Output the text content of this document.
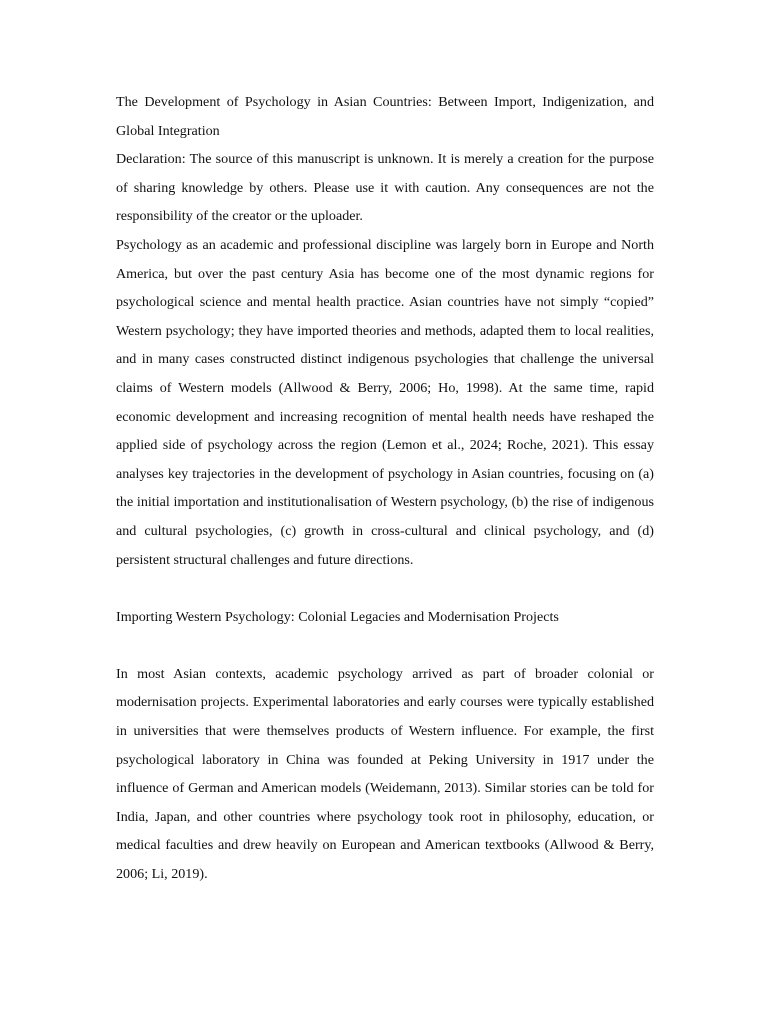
The Development of Psychology in Asian Countries: Between Import, Indigenization, and Global Integration

Declaration: The source of this manuscript is unknown. It is merely a creation for the purpose of sharing knowledge by others. Please use it with caution. Any consequences are not the responsibility of the creator or the uploader.

Psychology as an academic and professional discipline was largely born in Europe and North America, but over the past century Asia has become one of the most dynamic regions for psychological science and mental health practice. Asian countries have not simply “copied” Western psychology; they have imported theories and methods, adapted them to local realities, and in many cases constructed distinct indigenous psychologies that challenge the universal claims of Western models (Allwood & Berry, 2006; Ho, 1998). At the same time, rapid economic development and increasing recognition of mental health needs have reshaped the applied side of psychology across the region (Lemon et al., 2024; Roche, 2021). This essay analyses key trajectories in the development of psychology in Asian countries, focusing on (a) the initial importation and institutionalisation of Western psychology, (b) the rise of indigenous and cultural psychologies, (c) growth in cross-cultural and clinical psychology, and (d) persistent structural challenges and future directions.

Importing Western Psychology: Colonial Legacies and Modernisation Projects

In most Asian contexts, academic psychology arrived as part of broader colonial or modernisation projects. Experimental laboratories and early courses were typically established in universities that were themselves products of Western influence. For example, the first psychological laboratory in China was founded at Peking University in 1917 under the influence of German and American models (Weidemann, 2013). Similar stories can be told for India, Japan, and other countries where psychology took root in philosophy, education, or medical faculties and drew heavily on European and American textbooks (Allwood & Berry, 2006; Li, 2019).
